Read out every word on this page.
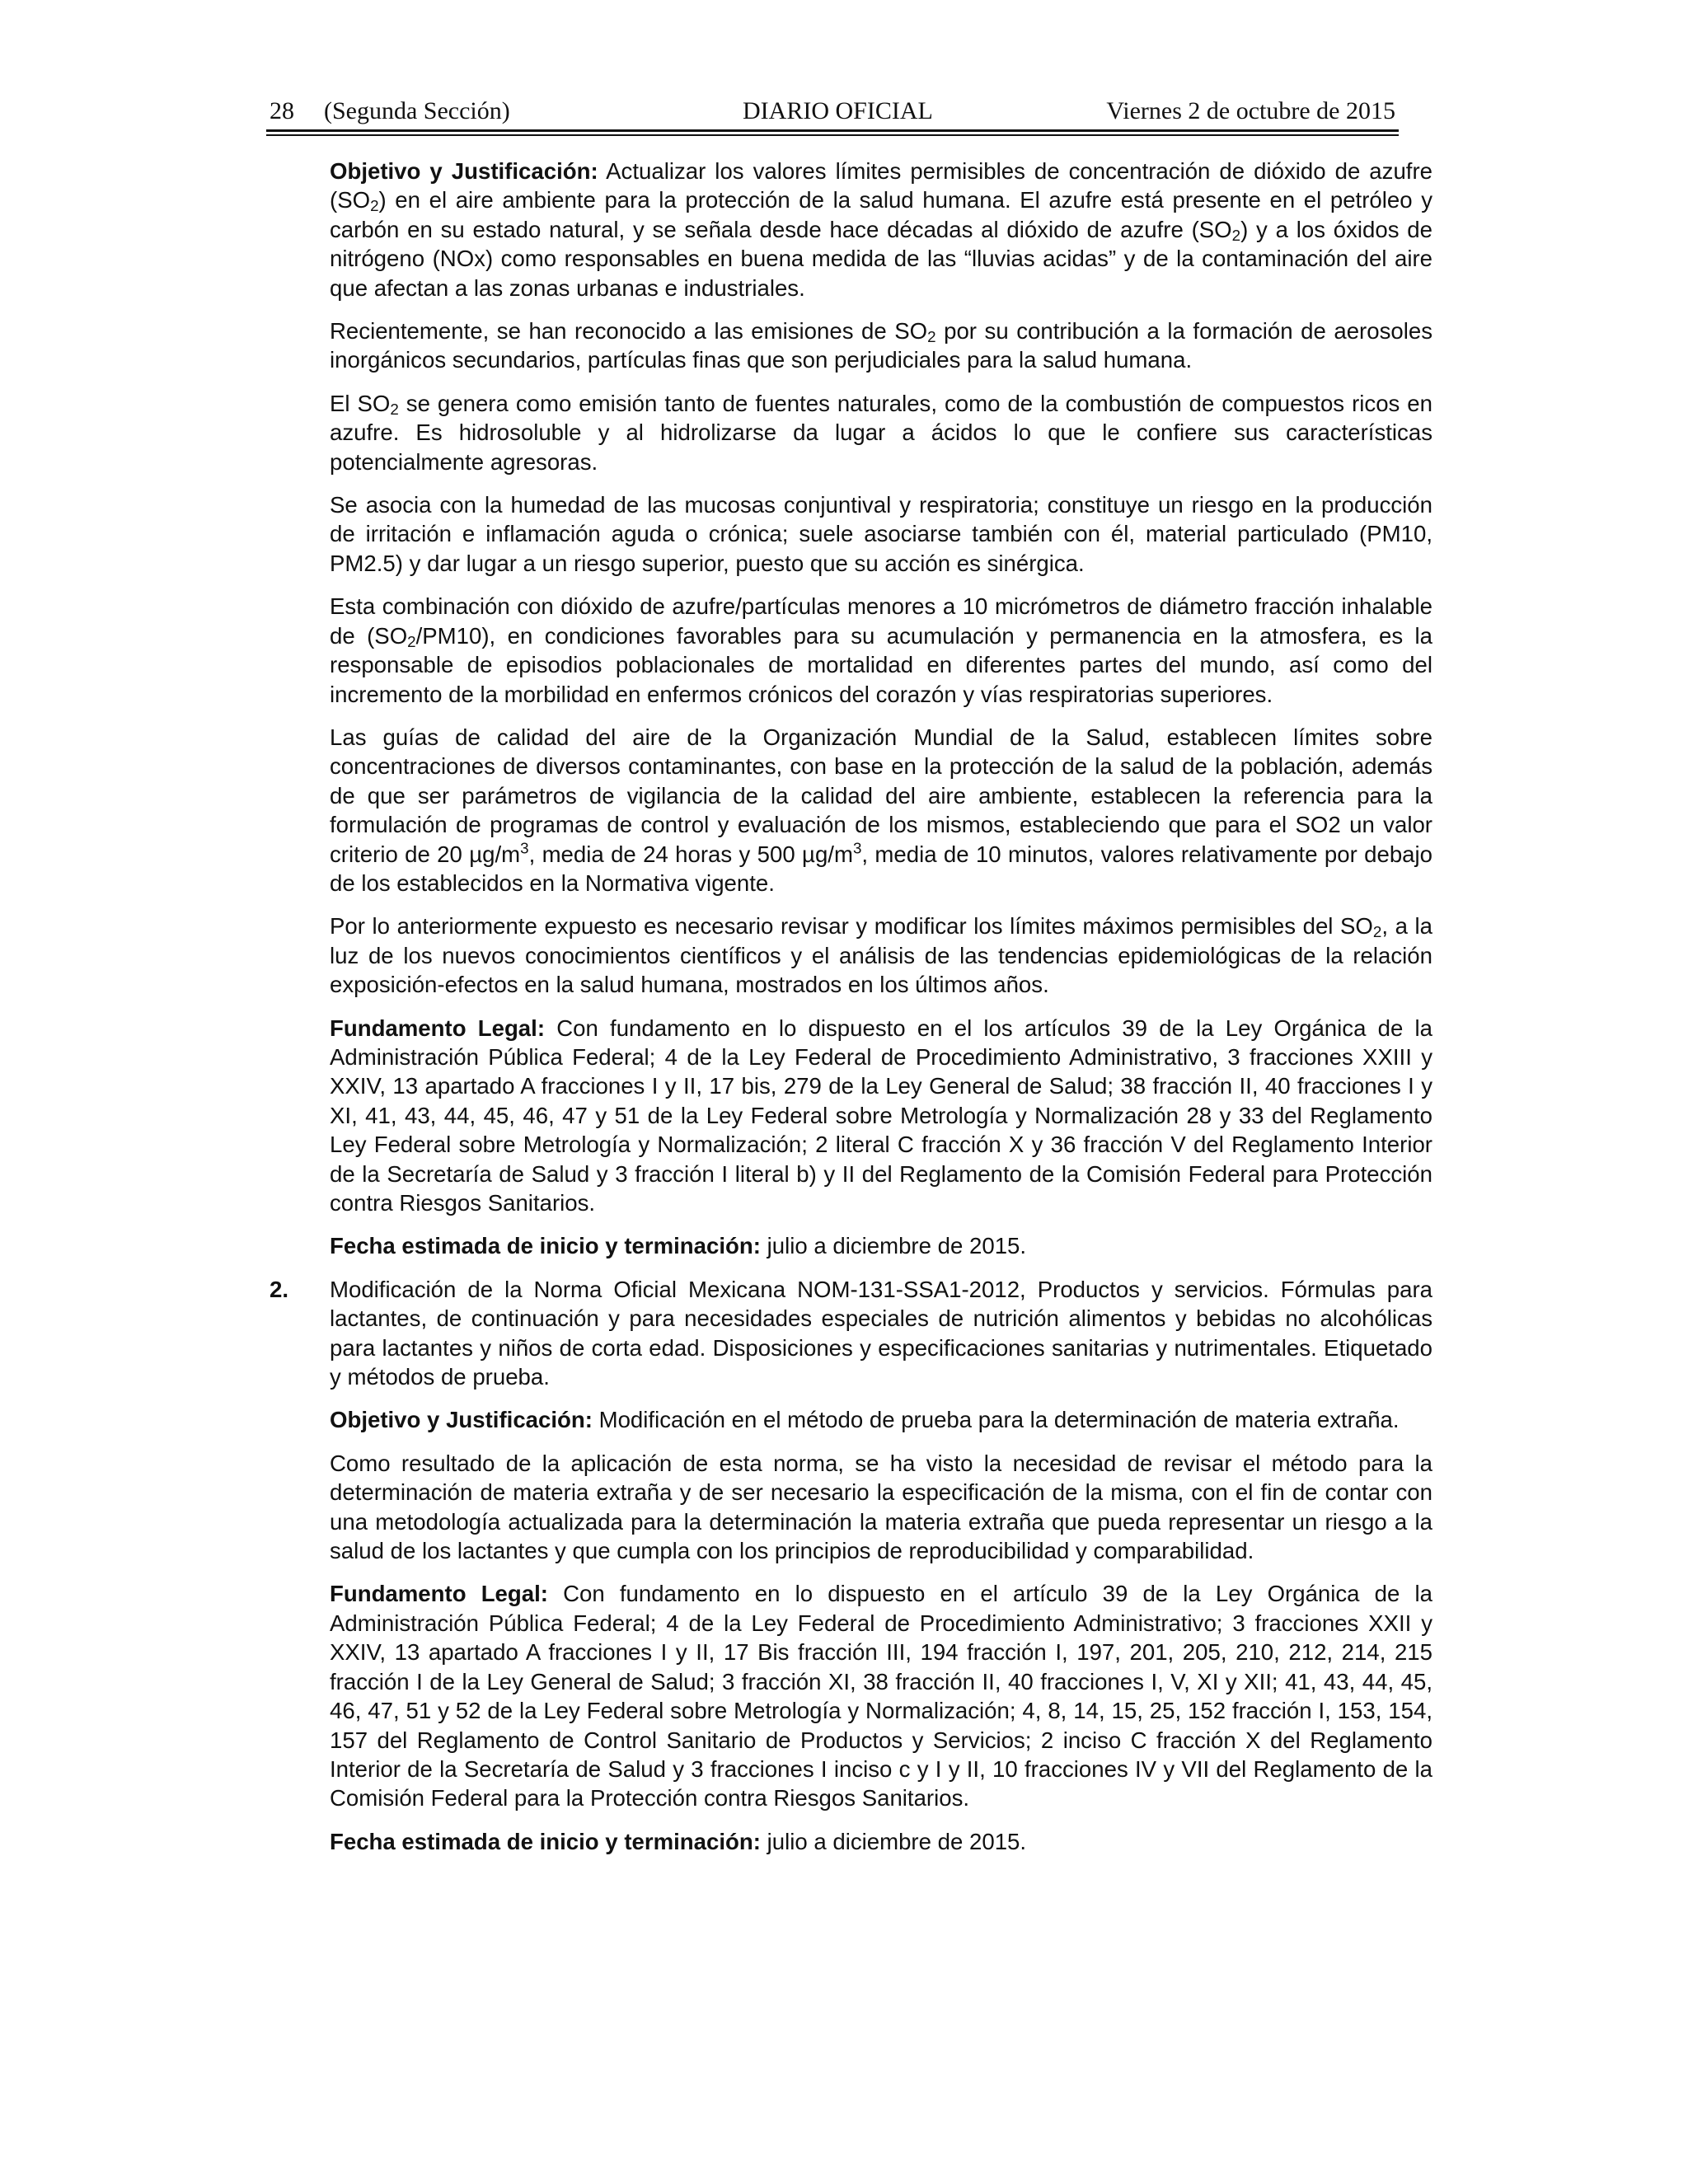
28 (Segunda Sección)	DIARIO OFICIAL	Viernes 2 de octubre de 2015

Objetivo y Justificación: Actualizar los valores límites permisibles de concentración de dióxido de azufre $(SO_2)$ en el aire ambiente para la protección de la salud humana. El azufre está presente en el petróleo y carbón en su estado natural, y se señala desde hace décadas al dióxido de azufre $(SO_2)$ y a los óxidos de nitrógeno (NOx) como responsables en buena medida de las “lluvias acidas” y de la contaminación del aire que afectan a las zonas urbanas e industriales.

Recientemente, se han reconocido a las emisiones de $SO_2$ por su contribución a la formación de aerosoles inorgánicos secundarios, partículas finas que son perjudiciales para la salud humana.

El $SO_2$ se genera como emisión tanto de fuentes naturales, como de la combustión de compuestos ricos en azufre. Es hidrosoluble y al hidrolizarse da lugar a ácidos lo que le confiere sus características potencialmente agresoras.

Se asocia con la humedad de las mucosas conjuntival y respiratoria; constituye un riesgo en la producción de irritación e inflamación aguda o crónica; suele asociarse también con él, material particulado (PM10, PM2.5) y dar lugar a un riesgo superior, puesto que su acción es sinérgica.

Esta combinación con dióxido de azufre/partículas menores a 10 micrómetros de diámetro fracción inhalable de $(SO_2/PM10)$, en condiciones favorables para su acumulación y permanencia en la atmosfera, es la responsable de episodios poblacionales de mortalidad en diferentes partes del mundo, así como del incremento de la morbilidad en enfermos crónicos del corazón y vías respiratorias superiores.

Las guías de calidad del aire de la Organización Mundial de la Salud, establecen límites sobre concentraciones de diversos contaminantes, con base en la protección de la salud de la población, además de que ser parámetros de vigilancia de la calidad del aire ambiente, establecen la referencia para la formulación de programas de control y evaluación de los mismos, estableciendo que para el SO2 un valor criterio de 20 $\mu g/m^3$, media de 24 horas y 500 $\mu g/m^3$, media de 10 minutos, valores relativamente por debajo de los establecidos en la Normativa vigente.

Por lo anteriormente expuesto es necesario revisar y modificar los límites máximos permisibles del $SO_2$, a la luz de los nuevos conocimientos científicos y el análisis de las tendencias epidemiológicas de la relación exposición-efectos en la salud humana, mostrados en los últimos años.

Fundamento Legal: Con fundamento en lo dispuesto en el los artículos 39 de la Ley Orgánica de la Administración Pública Federal; 4 de la Ley Federal de Procedimiento Administrativo, 3 fracciones XXIII y XXIV, 13 apartado A fracciones I y II, 17 bis, 279 de la Ley General de Salud; 38 fracción II, 40 fracciones I y XI, 41, 43, 44, 45, 46, 47 y 51 de la Ley Federal sobre Metrología y Normalización 28 y 33 del Reglamento Ley Federal sobre Metrología y Normalización; 2 literal C fracción X y 36 fracción V del Reglamento Interior de la Secretaría de Salud y 3 fracción I literal b) y II del Reglamento de la Comisión Federal para Protección contra Riesgos Sanitarios.

Fecha estimada de inicio y terminación: julio a diciembre de 2015.

2. Modificación de la Norma Oficial Mexicana NOM-131-SSA1-2012, Productos y servicios. Fórmulas para lactantes, de continuación y para necesidades especiales de nutrición alimentos y bebidas no alcohólicas para lactantes y niños de corta edad. Disposiciones y especificaciones sanitarias y nutrimentales. Etiquetado y métodos de prueba.

Objetivo y Justificación: Modificación en el método de prueba para la determinación de materia extraña.

Como resultado de la aplicación de esta norma, se ha visto la necesidad de revisar el método para la determinación de materia extraña y de ser necesario la especificación de la misma, con el fin de contar con una metodología actualizada para la determinación la materia extraña que pueda representar un riesgo a la salud de los lactantes y que cumpla con los principios de reproducibilidad y comparabilidad.

Fundamento Legal: Con fundamento en lo dispuesto en el artículo 39 de la Ley Orgánica de la Administración Pública Federal; 4 de la Ley Federal de Procedimiento Administrativo; 3 fracciones XXII y XXIV, 13 apartado A fracciones I y II, 17 Bis fracción III, 194 fracción I, 197, 201, 205, 210, 212, 214, 215 fracción I de la Ley General de Salud; 3 fracción XI, 38 fracción II, 40 fracciones I, V, XI y XII; 41, 43, 44, 45, 46, 47, 51 y 52 de la Ley Federal sobre Metrología y Normalización; 4, 8, 14, 15, 25, 152 fracción I, 153, 154, 157 del Reglamento de Control Sanitario de Productos y Servicios; 2 inciso C fracción X del Reglamento Interior de la Secretaría de Salud y 3 fracciones I inciso c y I y II, 10 fracciones IV y VII del Reglamento de la Comisión Federal para la Protección contra Riesgos Sanitarios.

Fecha estimada de inicio y terminación: julio a diciembre de 2015.
